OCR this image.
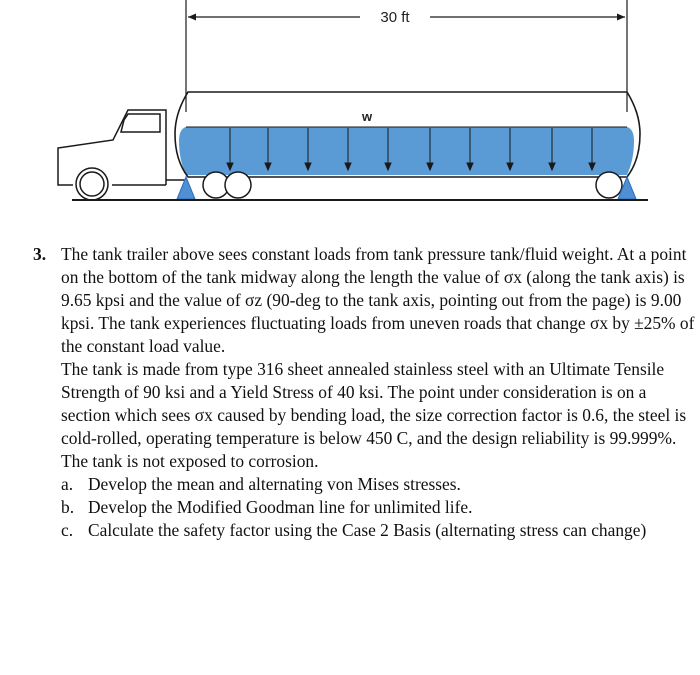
30 ft
w
3. The tank trailer above sees constant loads from tank pressure tank/fluid weight. At a point on the bottom of the tank midway along the length the value of σx (along the tank axis) is 9.65 kpsi and the value of σz (90-deg to the tank axis, pointing out from the page) is 9.00 kpsi. The tank experiences fluctuating loads from uneven roads that change σx by ±25% of the constant load value.

The tank is made from type 316 sheet annealed stainless steel with an Ultimate Tensile Strength of 90 ksi and a Yield Stress of 40 ksi. The point under consideration is on a section which sees σx caused by bending load, the size correction factor is 0.6, the steel is cold-rolled, operating temperature is below 450 C, and the design reliability is 99.999%. The tank is not exposed to corrosion.

a. Develop the mean and alternating von Mises stresses.
b. Develop the Modified Goodman line for unlimited life.
c. Calculate the safety factor using the Case 2 Basis (alternating stress can change)
